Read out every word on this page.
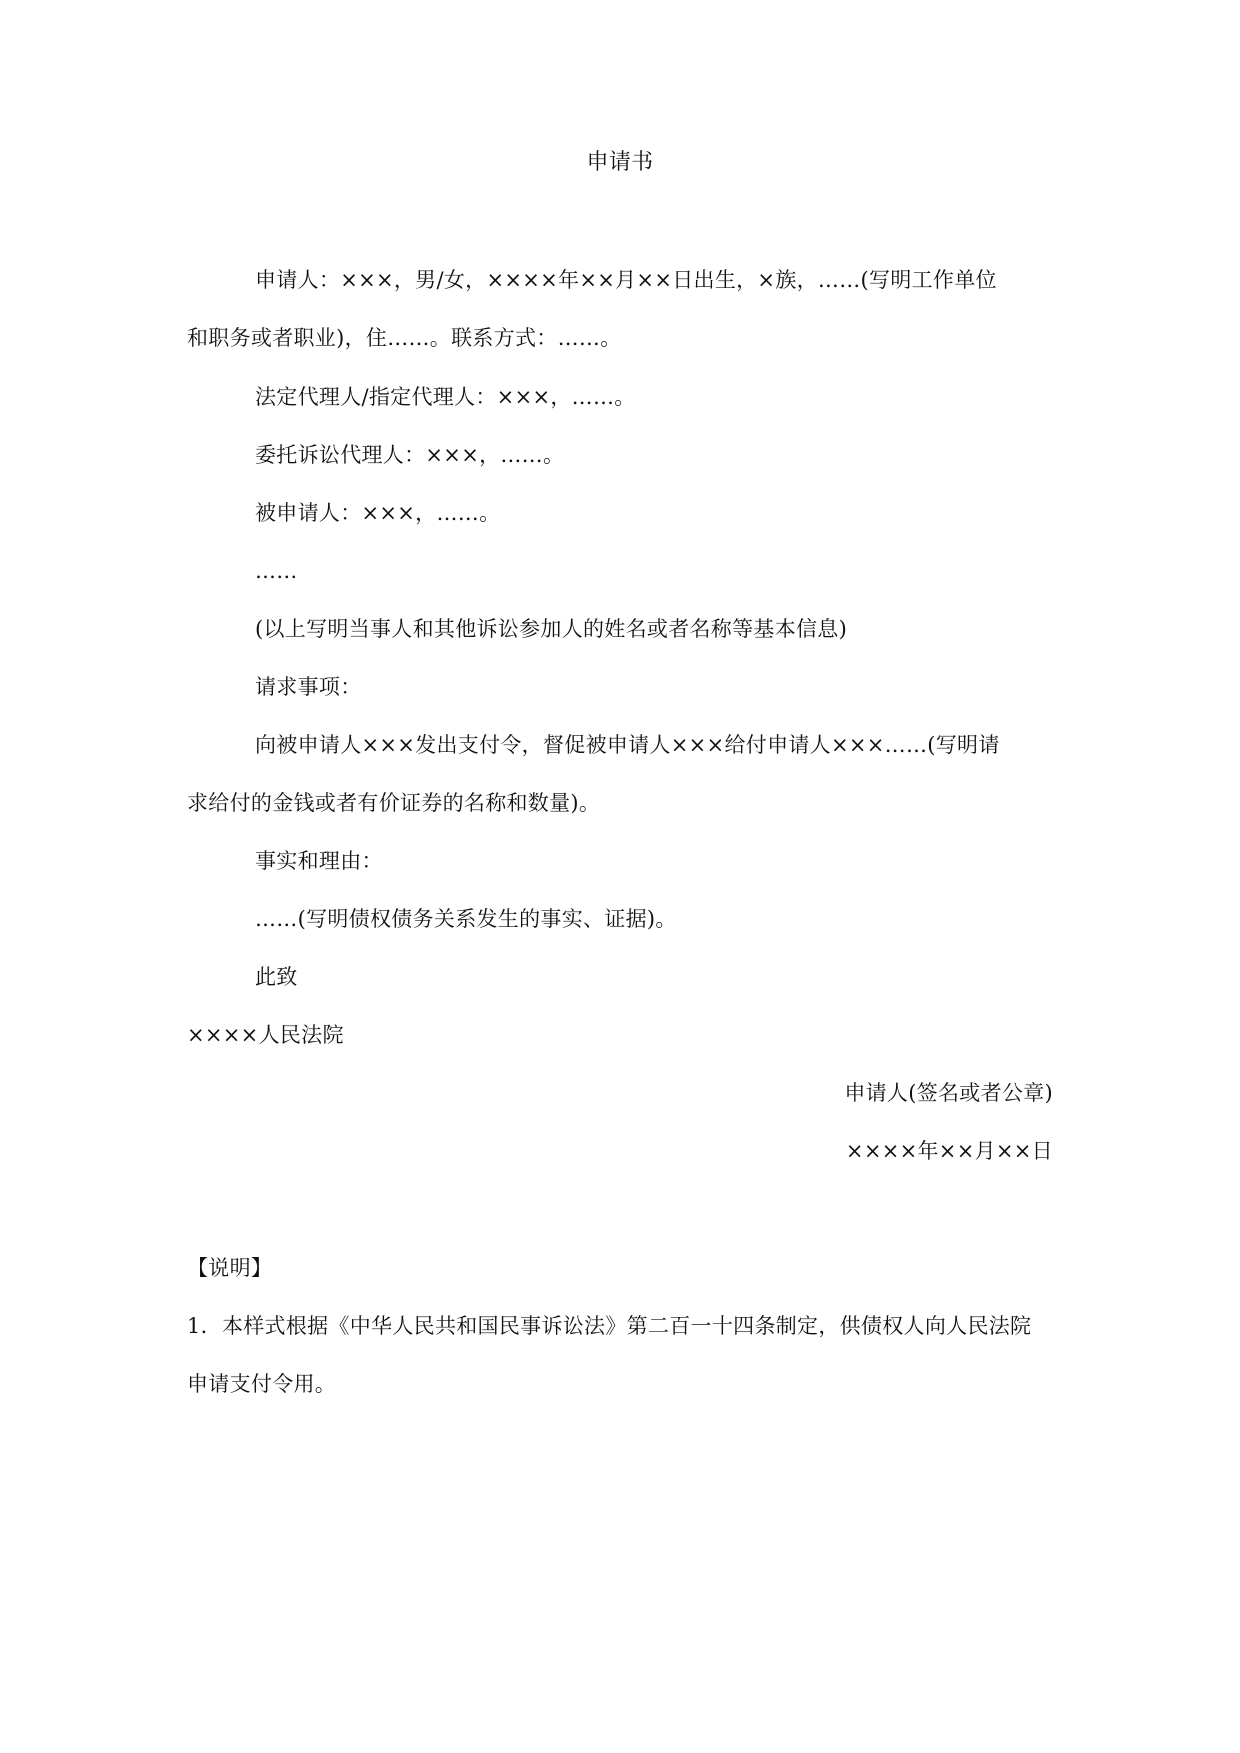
申请书
申请人：×××，男/女，××××年××月××日出生，×族，……(写明工作单位
和职务或者职业)，住……。联系方式：……。
法定代理人/指定代理人：×××，……。
委托诉讼代理人：×××，……。
被申请人：×××，……。
……
(以上写明当事人和其他诉讼参加人的姓名或者名称等基本信息)
请求事项：
向被申请人×××发出支付令，督促被申请人×××给付申请人×××……(写明请
求给付的金钱或者有价证券的名称和数量)。
事实和理由：
……(写明债权债务关系发生的事实、证据)。
此致
××××人民法院
申请人(签名或者公章)
××××年××月××日
【说明】
1．本样式根据《中华人民共和国民事诉讼法》第二百一十四条制定，供债权人向人民法院
申请支付令用。
